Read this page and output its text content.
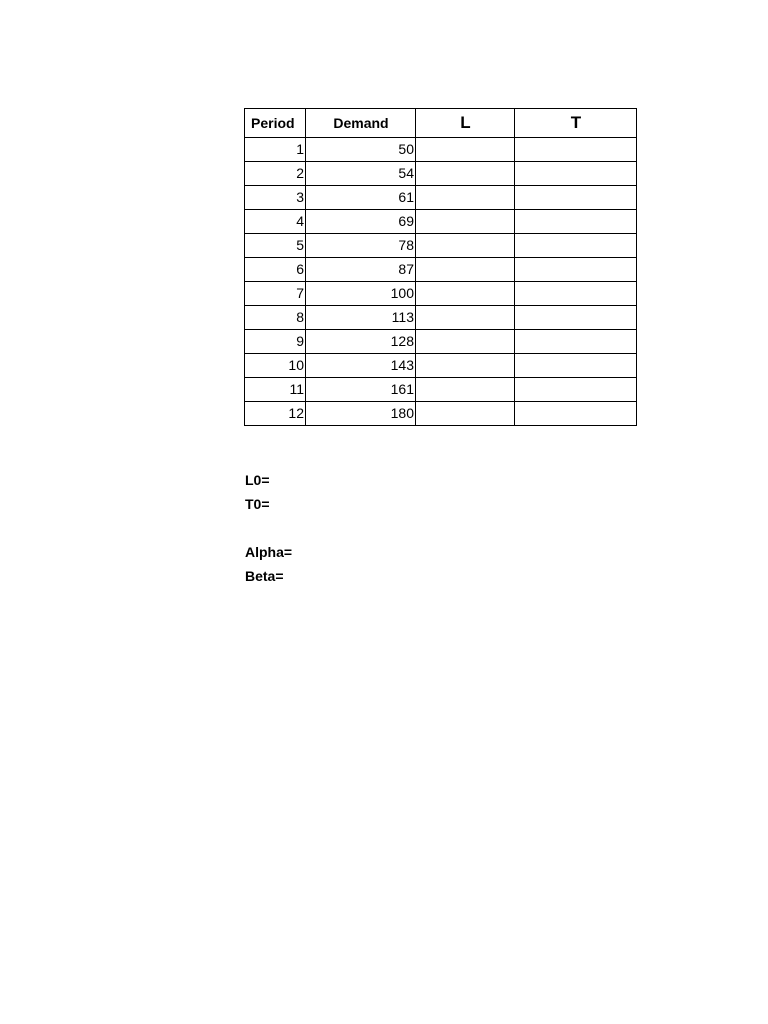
Period	Demand	L	T
1	50		
2	54		
3	61		
4	69		
5	78		
6	87		
7	100		
8	113		
9	128		
10	143		
11	161		
12	180		
L0=
T0=
Alpha=
Beta=
